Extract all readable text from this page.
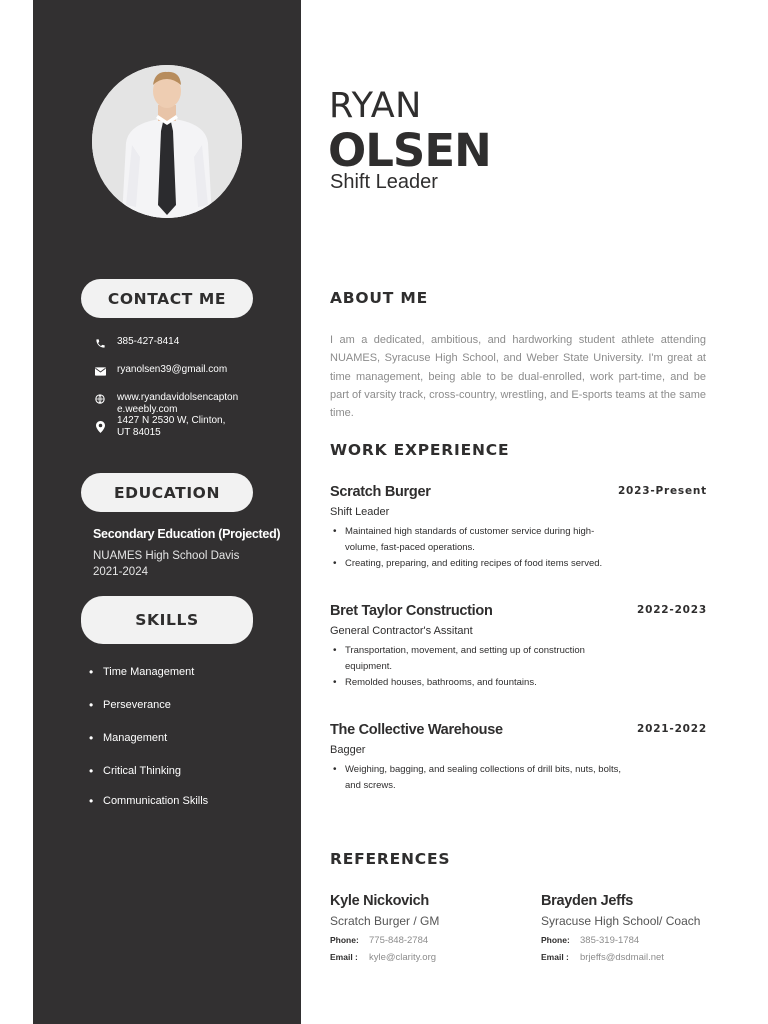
CONTACT ME
385-427-8414
ryanolsen39@gmail.com
www.ryandavidolsencapton e.weebly.com
1427 N 2530 W, Clinton, UT 84015
EDUCATION
Secondary Education (Projected)
NUAMES High School Davis
2021-2024
SKILLS
• Time Management
• Perseverance
• Management
• Critical Thinking
• Communication Skills
RYAN
OLSEN
Shift Leader
ABOUT ME
I am a dedicated, ambitious, and hardworking student athlete attending NUAMES, Syracuse High School, and Weber State University. I'm great at time management, being able to be dual-enrolled, work part-time, and be part of varsity track, cross-country, wrestling, and E-sports teams at the same time.
WORK EXPERIENCE
Scratch Burger	2023-Present
Shift Leader
• Maintained high standards of customer service during high-volume, fast-paced operations.
• Creating, preparing, and editing recipes of food items served.
Bret Taylor Construction	2022-2023
General Contractor's Assitant
• Transportation, movement, and setting up of construction equipment.
• Remolded houses, bathrooms, and fountains.
The Collective Warehouse	2021-2022
Bagger
• Weighing, bagging, and sealing collections of drill bits, nuts, bolts, and screws.
REFERENCES
Kyle Nickovich
Scratch Burger / GM
Phone:	775-848-2784
Email :	kyle@clarity.org
Brayden Jeffs
Syracuse High School/ Coach
Phone:	385-319-1784
Email :	brjeffs@dsdmail.net
